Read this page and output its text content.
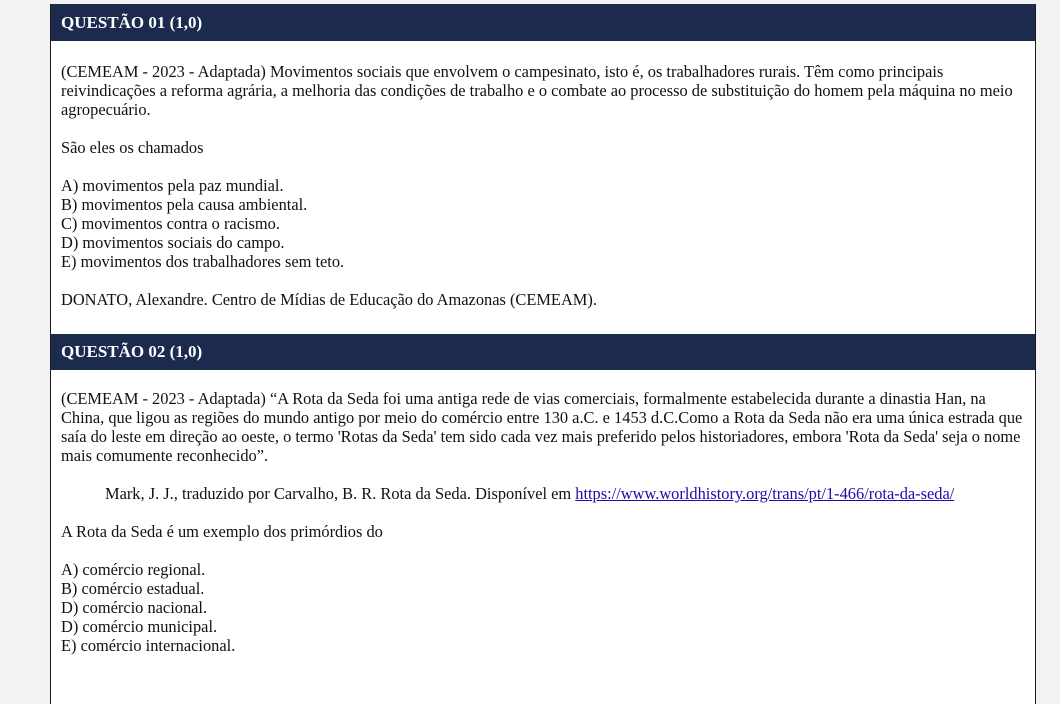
QUESTÃO 01 (1,0)

(CEMEAM - 2023 - Adaptada) Movimentos sociais que envolvem o campesinato, isto é, os trabalhadores rurais. Têm como principais reivindicações a reforma agrária, a melhoria das condições de trabalho e o combate ao processo de substituição do homem pela máquina no meio agropecuário.

São eles os chamados

A) movimentos pela paz mundial.
B) movimentos pela causa ambiental.
C) movimentos contra o racismo.
D) movimentos sociais do campo.
E) movimentos dos trabalhadores sem teto.

DONATO, Alexandre. Centro de Mídias de Educação do Amazonas (CEMEAM).

QUESTÃO 02 (1,0)

(CEMEAM - 2023 - Adaptada) “A Rota da Seda foi uma antiga rede de vias comerciais, formalmente estabelecida durante a dinastia Han, na China, que ligou as regiões do mundo antigo por meio do comércio entre 130 a.C. e 1453 d.C.Como a Rota da Seda não era uma única estrada que saía do leste em direção ao oeste, o termo 'Rotas da Seda' tem sido cada vez mais preferido pelos historiadores, embora 'Rota da Seda' seja o nome mais comumente reconhecido”.

Mark, J. J., traduzido por Carvalho, B. R. Rota da Seda. Disponível em https://www.worldhistory.org/trans/pt/1-466/rota-da-seda/

A Rota da Seda é um exemplo dos primórdios do

A) comércio regional.
B) comércio estadual.
D) comércio nacional.
D) comércio municipal.
E) comércio internacional.
